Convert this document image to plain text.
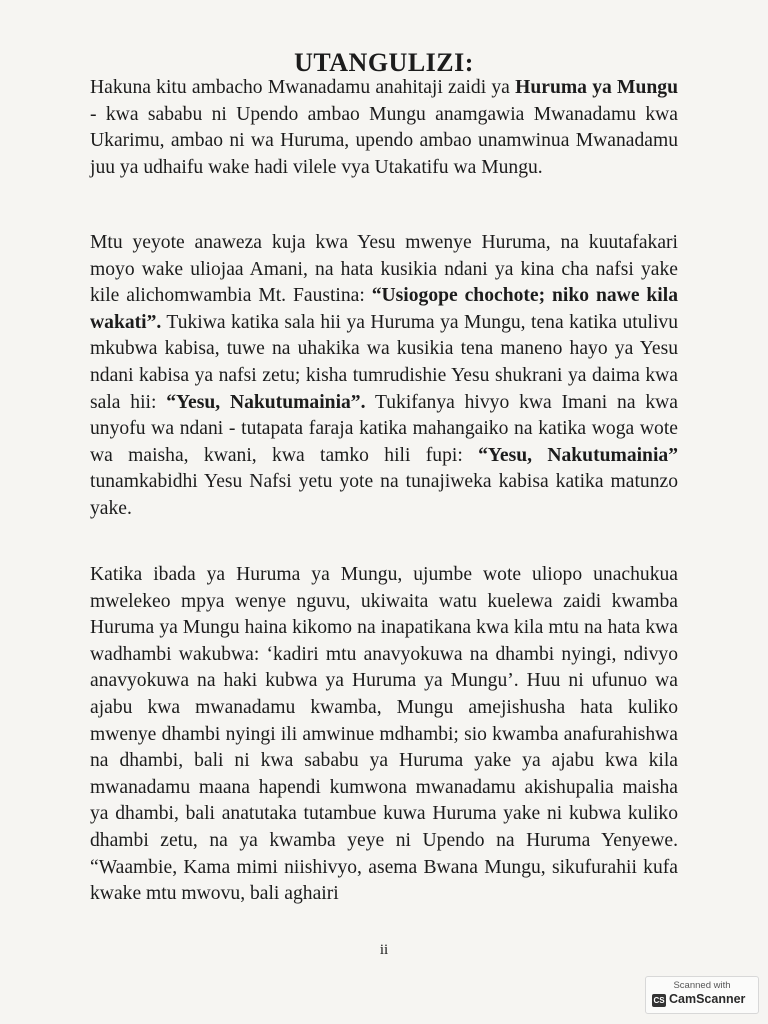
UTANGULIZI:

Hakuna kitu ambacho Mwanadamu anahitaji zaidi ya Huruma ya Mungu - kwa sababu ni Upendo ambao Mungu anamgawia Mwanadamu kwa Ukarimu, ambao ni wa Huruma, upendo ambao unamwinua Mwanadamu juu ya udhaifu wake hadi vilele vya Utakatifu wa Mungu.

Mtu yeyote anaweza kuja kwa Yesu mwenye Huruma, na kuutafakari moyo wake uliojaa Amani, na hata kusikia ndani ya kina cha nafsi yake kile alichomwambia Mt. Faustina: “Usiogope chochote; niko nawe kila wakati”. Tukiwa katika sala hii ya Huruma ya Mungu, tena katika utulivu mkubwa kabisa, tuwe na uhakika wa kusikia tena maneno hayo ya Yesu ndani kabisa ya nafsi zetu; kisha tumrudishie Yesu shukrani ya daima kwa sala hii: “Yesu, Nakutumainia”. Tukifanya hivyo kwa Imani na kwa unyofu wa ndani - tutapata faraja katika mahangaiko na katika woga wote wa maisha, kwani, kwa tamko hili fupi: “Yesu, Nakutumainia” tunamkabidhi Yesu Nafsi yetu yote na tunajiweka kabisa katika matunzo yake.

Katika ibada ya Huruma ya Mungu, ujumbe wote uliopo unachukua mwelekeo mpya wenye nguvu, ukiwaita watu kuelewa zaidi kwamba Huruma ya Mungu haina kikomo na inapatikana kwa kila mtu na hata kwa wadhambi wakubwa: ‘kadiri mtu anavyokuwa na dhambi nyingi, ndivyo anavyokuwa na haki kubwa ya Huruma ya Mungu’. Huu ni ufunuo wa ajabu kwa mwanadamu kwamba, Mungu amejishusha hata kuliko mwenye dhambi nyingi ili amwinue mdhambi; sio kwamba anafurahishwa na dhambi, bali ni kwa sababu ya Huruma yake ya ajabu kwa kila mwanadamu maana hapendi kumwona mwanadamu akishupalia maisha ya dhambi, bali anatutaka tutambue kuwa Huruma yake ni kubwa kuliko dhambi zetu, na ya kwamba yeye ni Upendo na Huruma Yenyewe. “Waambie, Kama mimi niishivyo, asema Bwana Mungu, sikufurahii kufa kwake mtu mwovu, bali aghairi

ii
Scanned with
CS CamScanner
